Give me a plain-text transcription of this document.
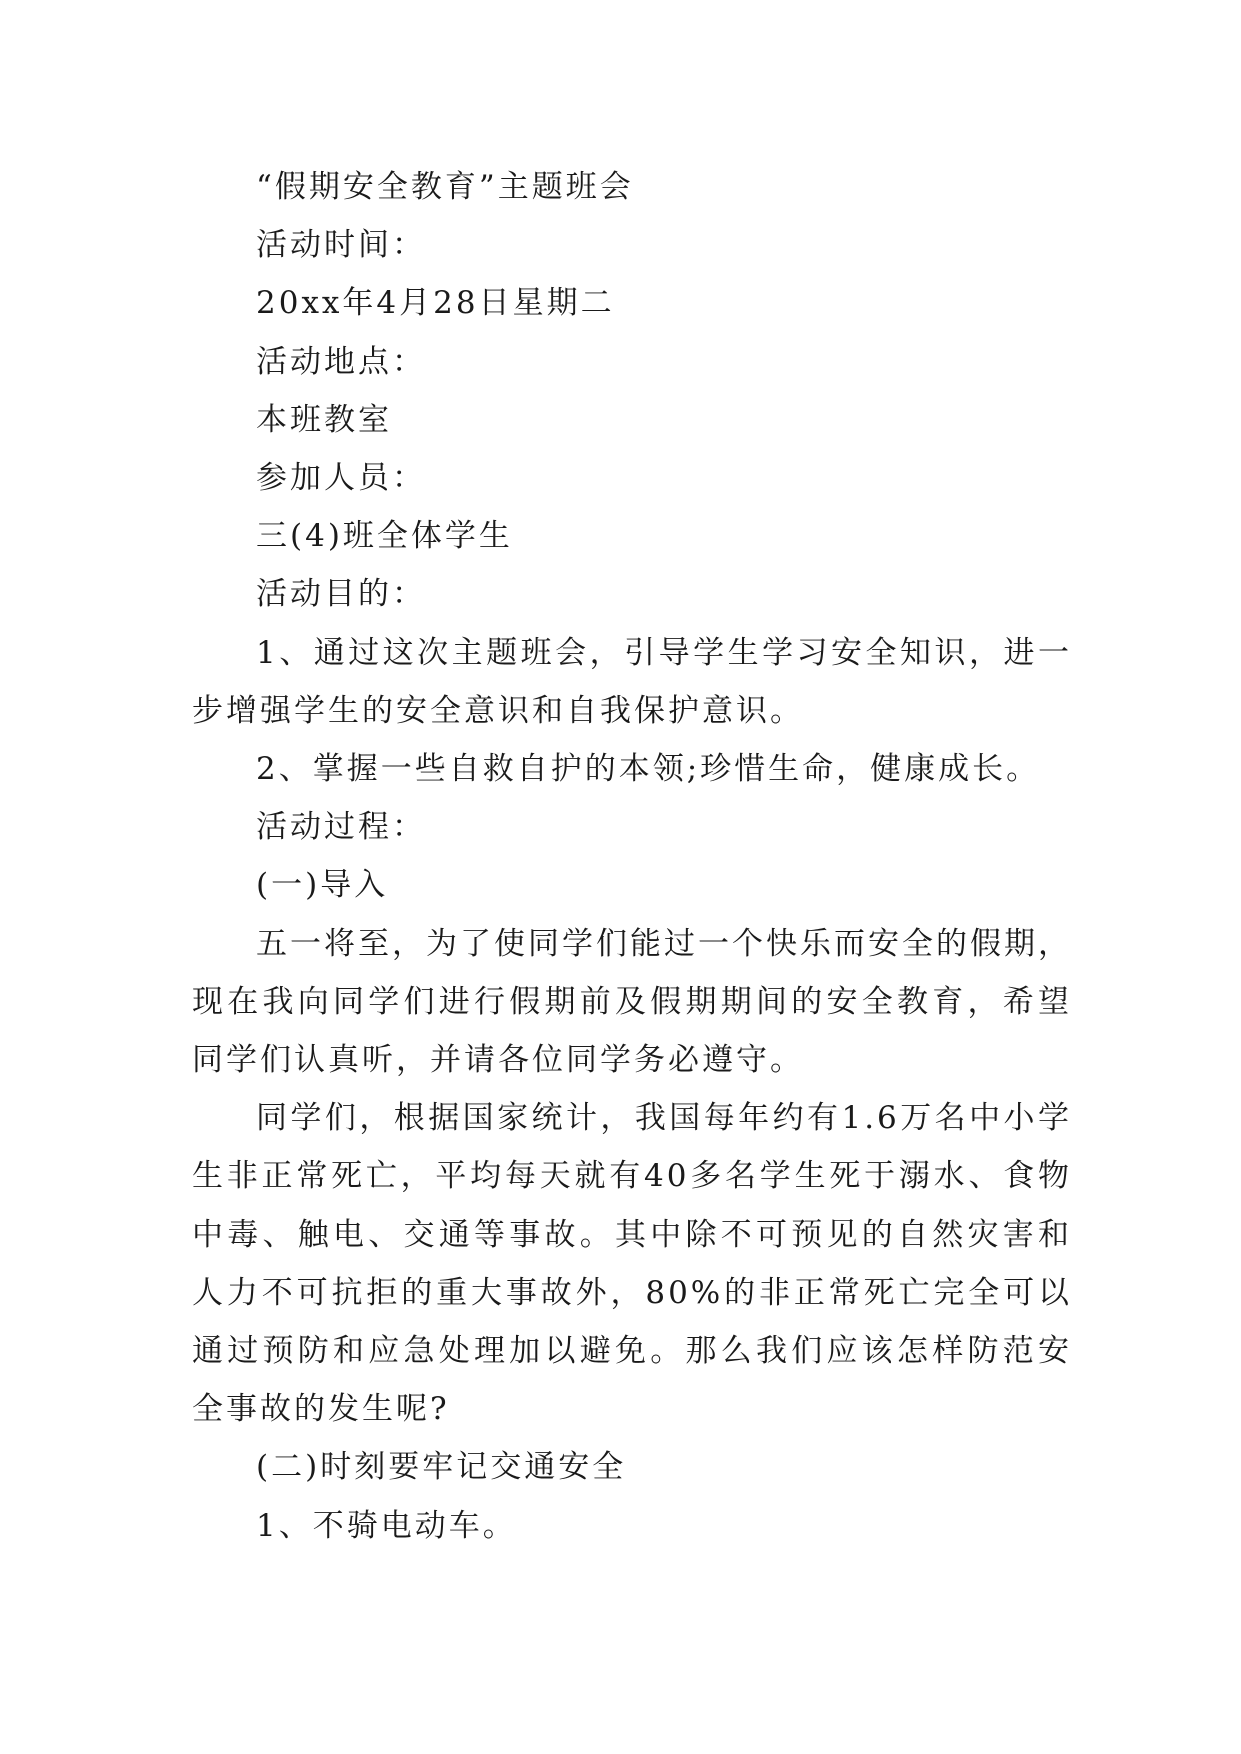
“假期安全教育”主题班会

活动时间：

20xx年4月28日星期二

活动地点：

本班教室

参加人员：

三(4)班全体学生

活动目的：

1、通过这次主题班会，引导学生学习安全知识，进一步增强学生的安全意识和自我保护意识。

2、掌握一些自救自护的本领;珍惜生命，健康成长。

活动过程：

(一)导入

五一将至，为了使同学们能过一个快乐而安全的假期，现在我向同学们进行假期前及假期期间的安全教育，希望同学们认真听，并请各位同学务必遵守。

同学们，根据国家统计，我国每年约有1.6万名中小学生非正常死亡，平均每天就有40多名学生死于溺水、食物中毒、触电、交通等事故。其中除不可预见的自然灾害和人力不可抗拒的重大事故外，80%的非正常死亡完全可以通过预防和应急处理加以避免。那么我们应该怎样防范安全事故的发生呢?

(二)时刻要牢记交通安全

1、不骑电动车。
